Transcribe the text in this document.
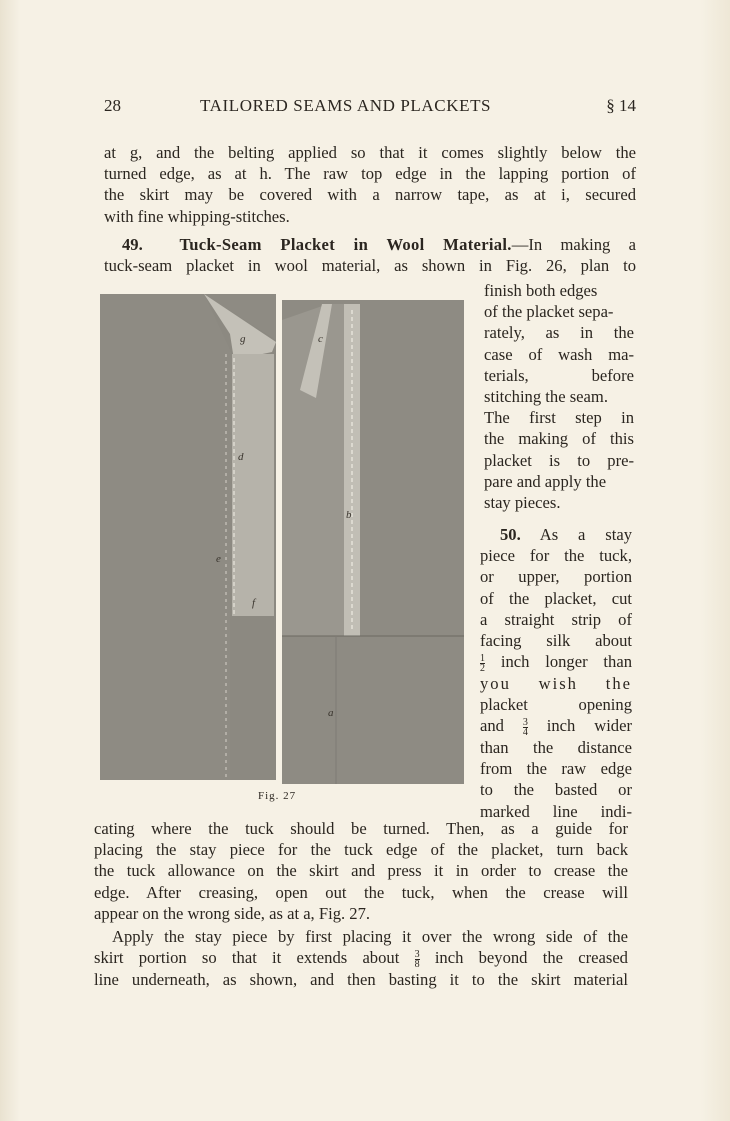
28	TAILORED SEAMS AND PLACKETS	§ 14
at g, and the belting applied so that it comes slightly below the
turned edge, as at h. The raw top edge in the lapping portion of
the skirt may be covered with a narrow tape, as at i, secured
with fine whipping-stitches.
49. Tuck-Seam Placket in Wool Material.—In making a
tuck-seam placket in wool material, as shown in Fig. 26, plan to
g
d
e
f
c
b
a
Fig. 27
finish both edges
of the placket sepa-
rately, as in the
case of wash ma-
terials, before
stitching the seam.
The first step in
the making of this
placket is to pre-
pare and apply the
stay pieces.
50. As a stay
piece for the tuck,
or upper, portion
of the placket, cut
a straight strip of
facing silk about
$\frac{1}{2}$ inch longer than
you wish the
placket opening
and $\frac{3}{4}$ inch wider
than the distance
from the raw edge
to the basted or
marked line indi-
cating where the tuck should be turned. Then, as a guide for
placing the stay piece for the tuck edge of the placket, turn back
the tuck allowance on the skirt and press it in order to crease the
edge. After creasing, open out the tuck, when the crease will
appear on the wrong side, as at a, Fig. 27.
Apply the stay piece by first placing it over the wrong side of the
skirt portion so that it extends about $\frac{3}{8}$ inch beyond the creased
line underneath, as shown, and then basting it to the skirt material
